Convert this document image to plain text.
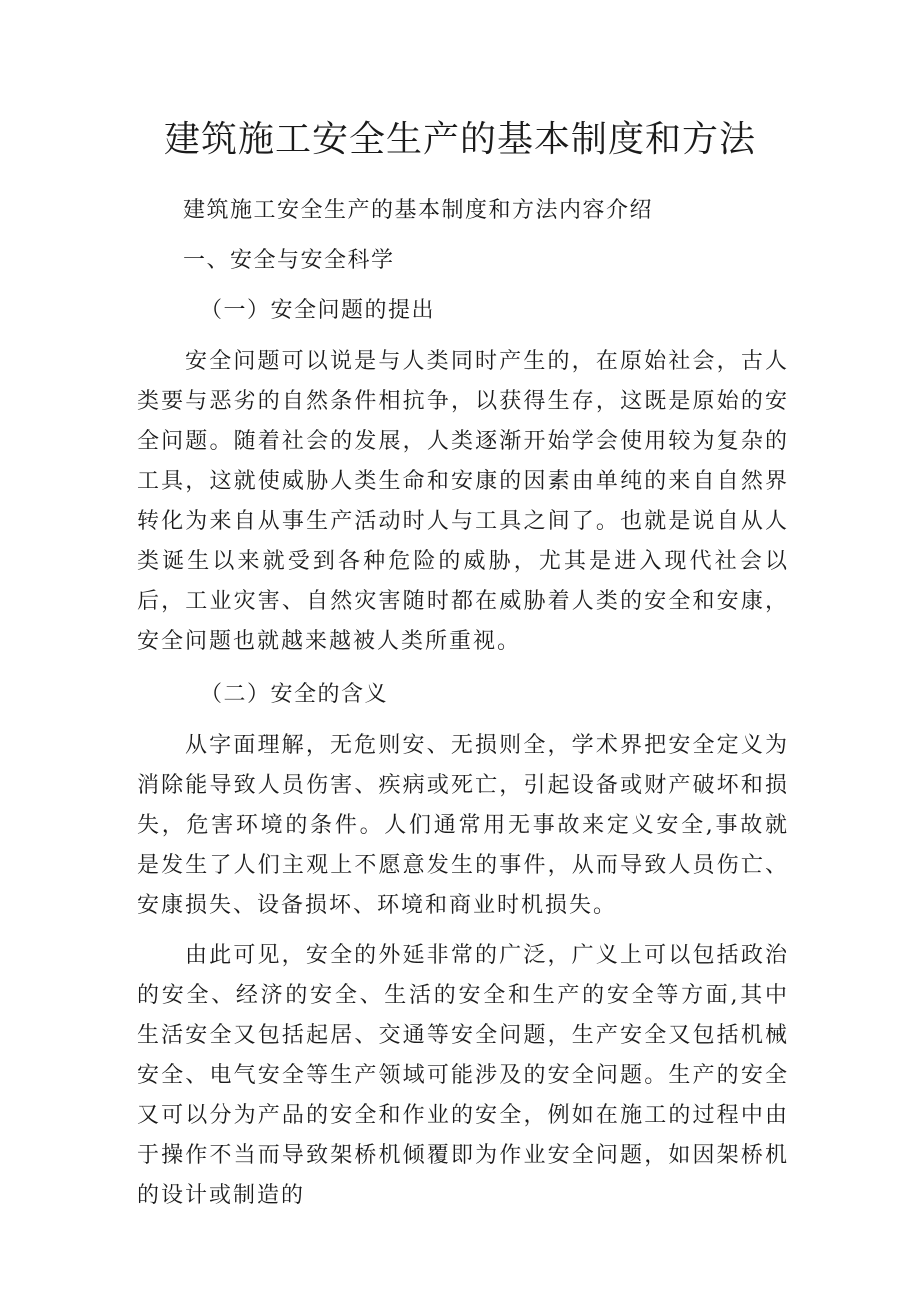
建筑施工安全生产的基本制度和方法
建筑施工安全生产的基本制度和方法内容介绍
一、安全与安全科学
（一）安全问题的提出

安全问题可以说是与人类同时产生的，在原始社会，古人类要与恶劣的自然条件相抗争，以获得生存，这既是原始的安全问题。随着社会的发展，人类逐渐开始学会使用较为复杂的工具，这就使威胁人类生命和安康的因素由单纯的来自自然界转化为来自从事生产活动时人与工具之间了。也就是说自从人类诞生以来就受到各种危险的威胁，尤其是进入现代社会以后，工业灾害、自然灾害随时都在威胁着人类的安全和安康，安全问题也就越来越被人类所重视。

（二）安全的含义

从字面理解，无危则安、无损则全，学术界把安全定义为消除能导致人员伤害、疾病或死亡，引起设备或财产破坏和损失，危害环境的条件。人们通常用无事故来定义安全,事故就是发生了人们主观上不愿意发生的事件，从而导致人员伤亡、安康损失、设备损坏、环境和商业时机损失。

由此可见，安全的外延非常的广泛，广义上可以包括政治的安全、经济的安全、生活的安全和生产的安全等方面,其中生活安全又包括起居、交通等安全问题，生产安全又包括机械安全、电气安全等生产领域可能涉及的安全问题。生产的安全又可以分为产品的安全和作业的安全，例如在施工的过程中由于操作不当而导致架桥机倾覆即为作业安全问题，如因架桥机的设计或制造的
